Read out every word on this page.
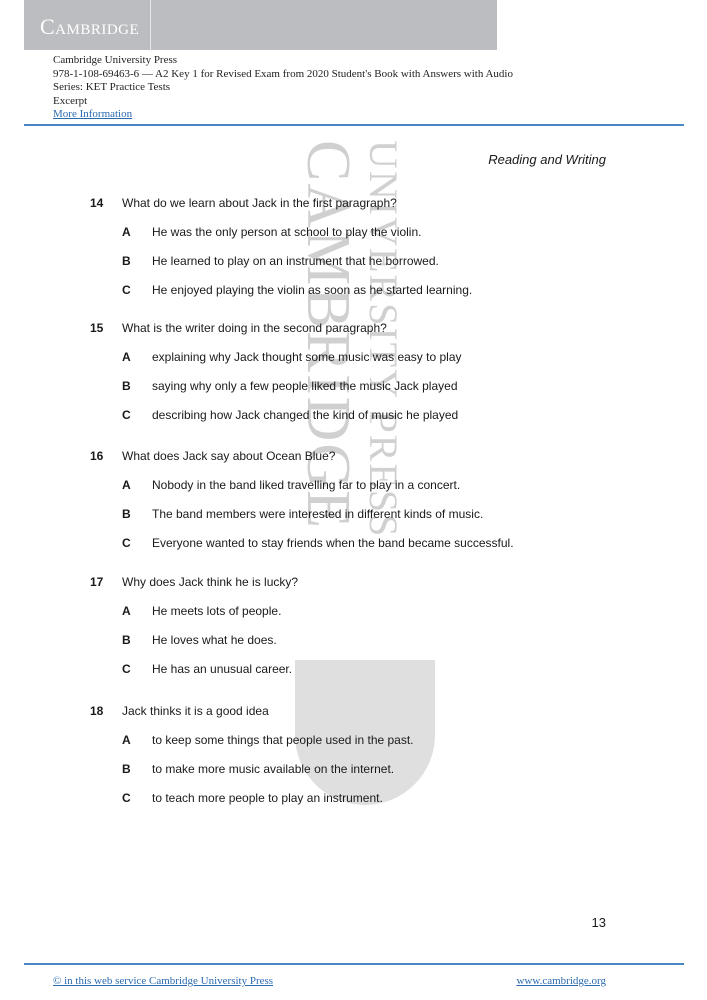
Cambridge
Cambridge University Press
978-1-108-69463-6 — A2 Key 1 for Revised Exam from 2020 Student's Book with Answers with Audio
Series: KET Practice Tests
Excerpt
More Information
CAMBRIDGE UNIVERSITY PRESS	Reading and Writing
14 What do we learn about Jack in the first paragraph?
A He was the only person at school to play the violin.
B He learned to play on an instrument that he borrowed.
C He enjoyed playing the violin as soon as he started learning.
15 What is the writer doing in the second paragraph?
A explaining why Jack thought some music was easy to play
B saying why only a few people liked the music Jack played
C describing how Jack changed the kind of music he played
16 What does Jack say about Ocean Blue?
A Nobody in the band liked travelling far to play in a concert.
B The band members were interested in different kinds of music.
C Everyone wanted to stay friends when the band became successful.
17 Why does Jack think he is lucky?
A He meets lots of people.
B He loves what he does.
C He has an unusual career.
18 Jack thinks it is a good idea
A to keep some things that people used in the past.
B to make more music available on the internet.
C to teach more people to play an instrument.
13
© in this web service Cambridge University Press	www.cambridge.org
